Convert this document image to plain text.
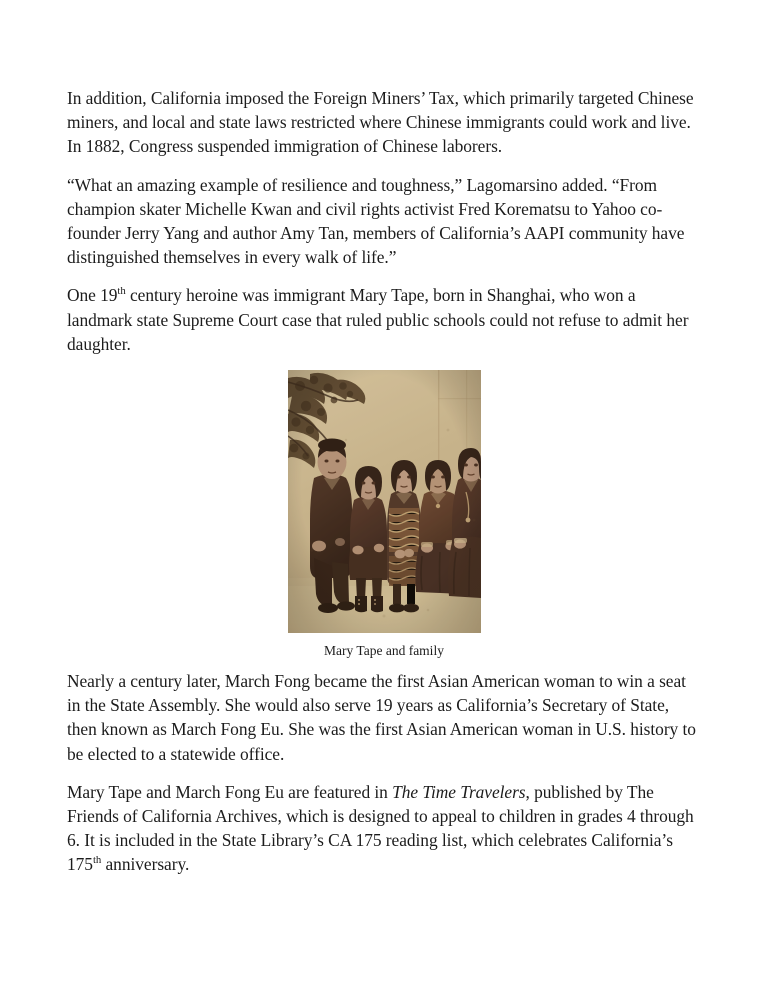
In addition, California imposed the Foreign Miners’ Tax, which primarily targeted Chinese miners, and local and state laws restricted where Chinese immigrants could work and live. In 1882, Congress suspended immigration of Chinese laborers.

“What an amazing example of resilience and toughness,” Lagomarsino added. “From champion skater Michelle Kwan and civil rights activist Fred Korematsu to Yahoo co-founder Jerry Yang and author Amy Tan, members of California’s AAPI community have distinguished themselves in every walk of life.”

One 19th century heroine was immigrant Mary Tape, born in Shanghai, who won a landmark state Supreme Court case that ruled public schools could not refuse to admit her daughter.

Mary Tape and family

Nearly a century later, March Fong became the first Asian American woman to win a seat in the State Assembly. She would also serve 19 years as California’s Secretary of State, then known as March Fong Eu. She was the first Asian American woman in U.S. history to be elected to a statewide office.

Mary Tape and March Fong Eu are featured in The Time Travelers, published by The Friends of California Archives, which is designed to appeal to children in grades 4 through 6. It is included in the State Library’s CA 175 reading list, which celebrates California’s 175th anniversary.
